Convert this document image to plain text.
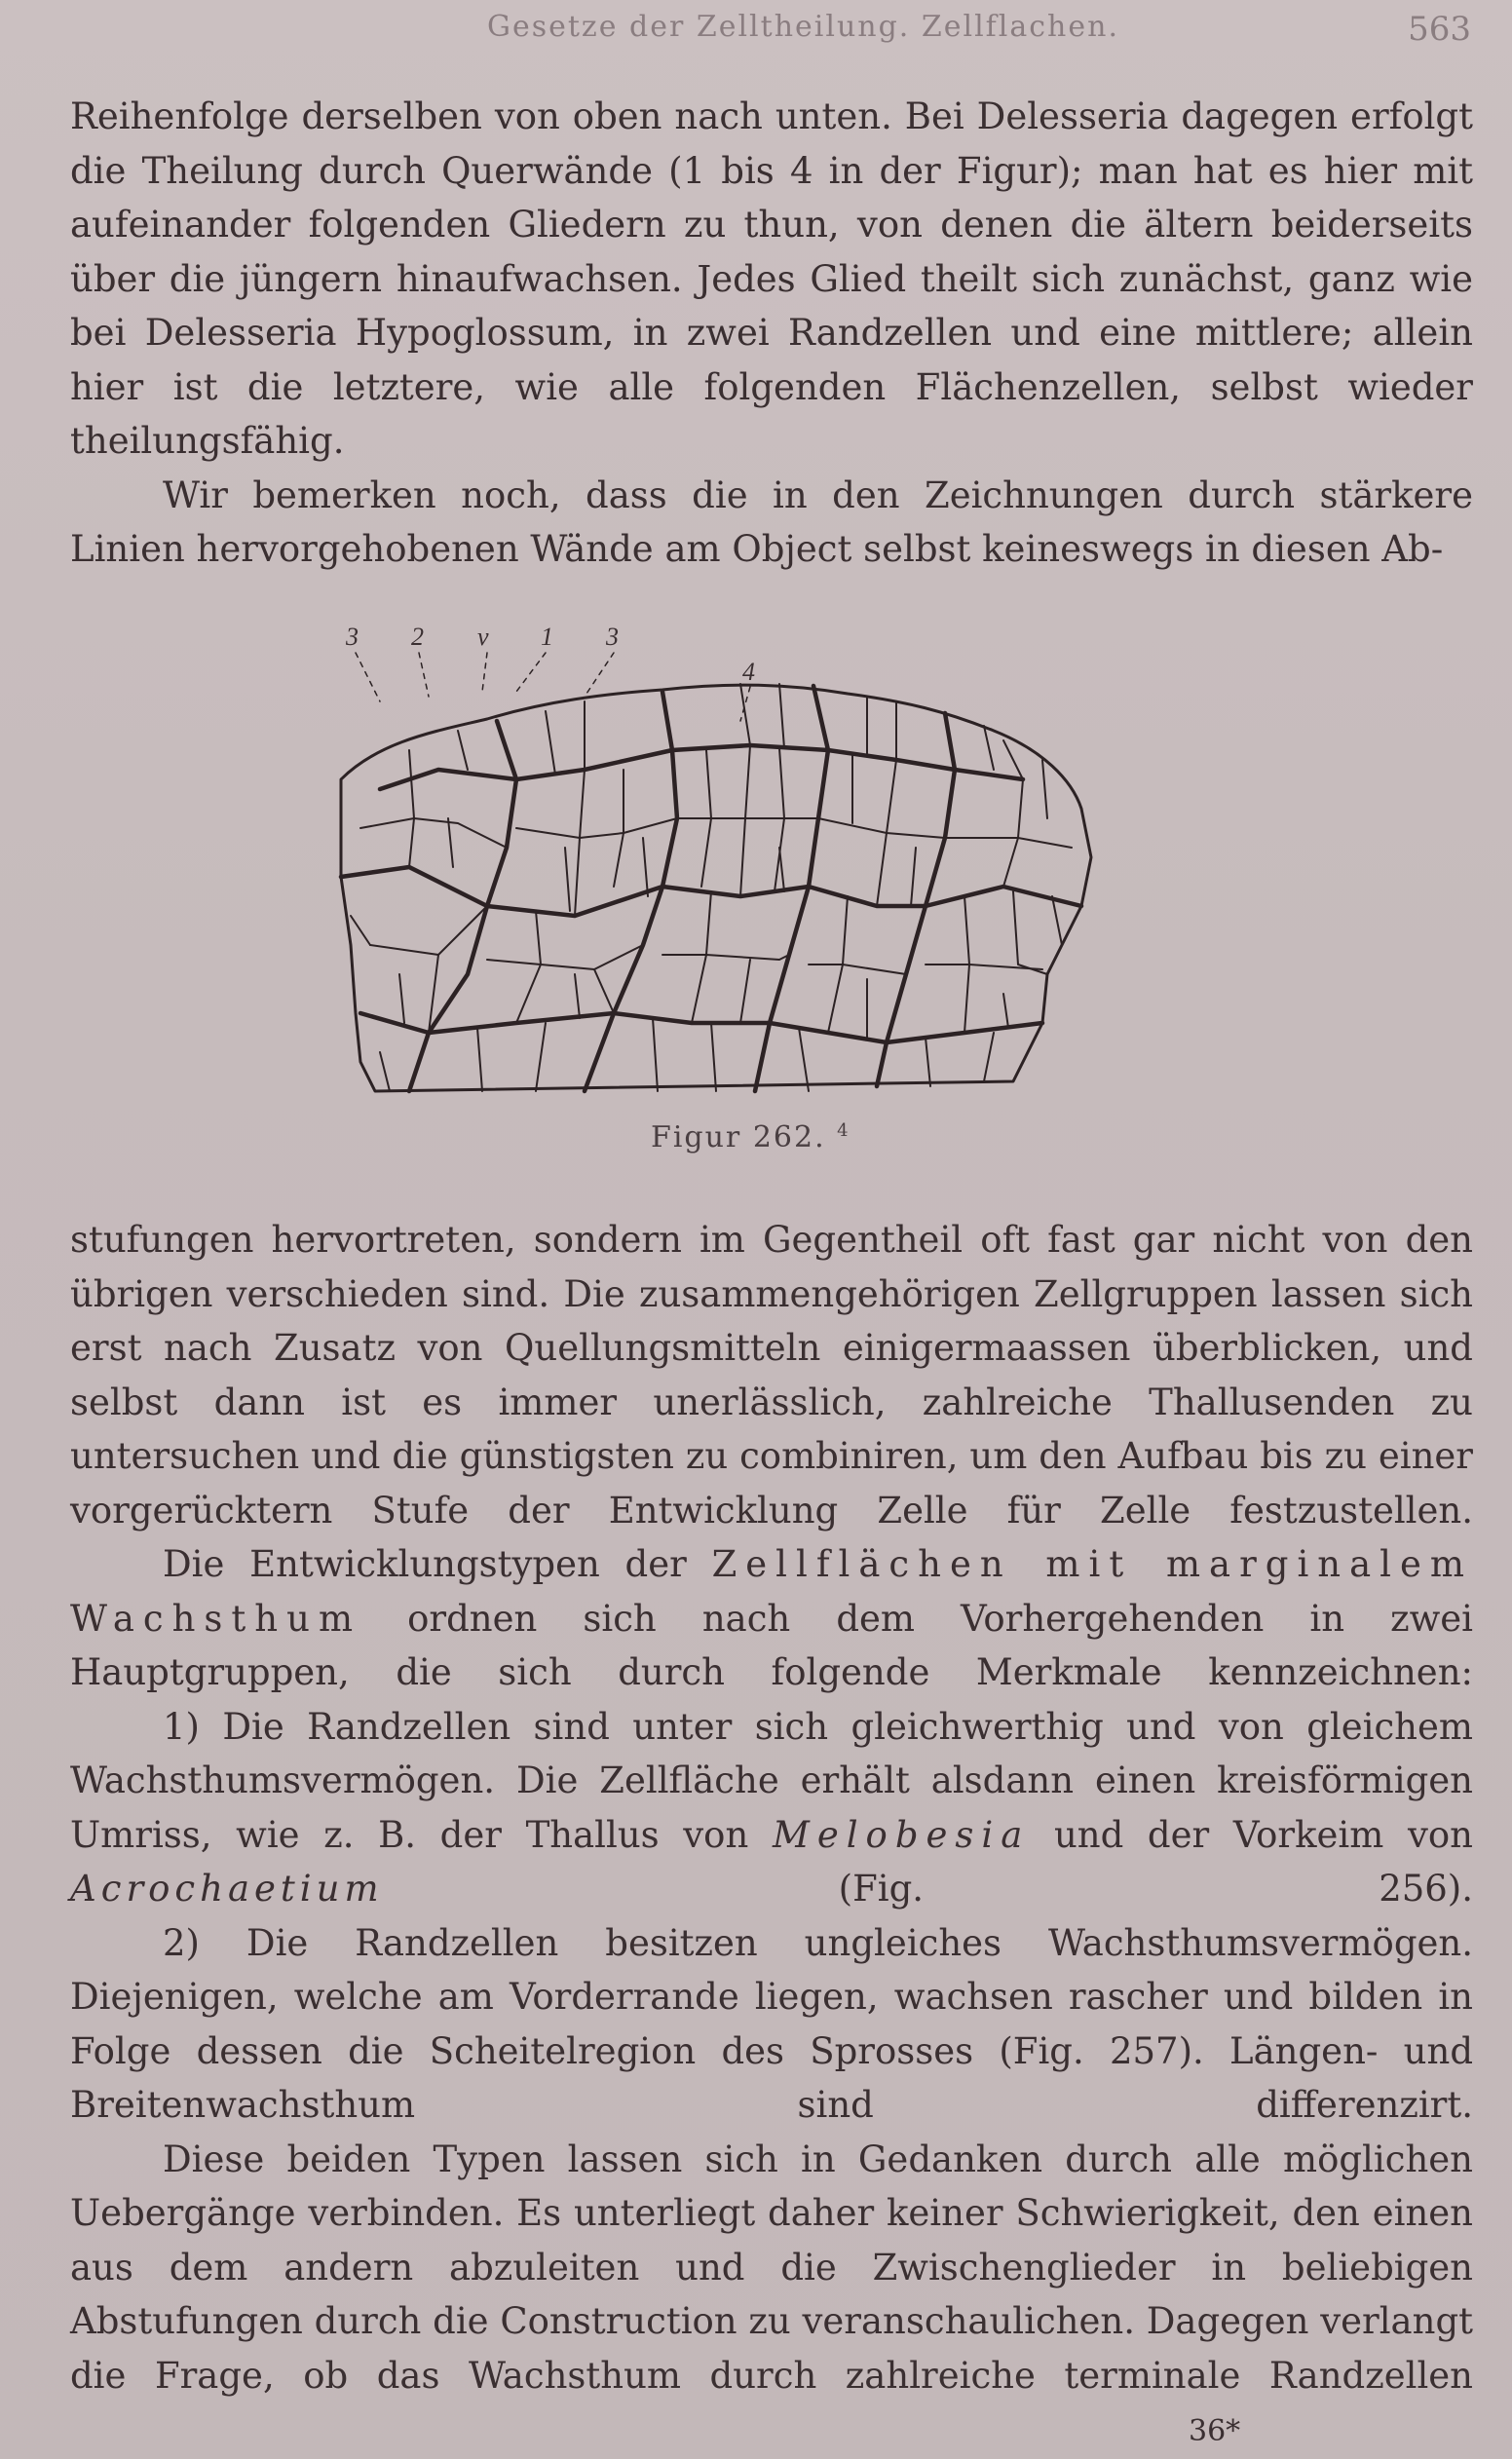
Gesetze der Zelltheilung. Zellflachen.	563

Reihenfolge derselben von oben nach unten. Bei Delesseria dagegen erfolgt die Theilung durch Querwände (1 bis 4 in der Figur); man hat es hier mit aufeinander folgenden Gliedern zu thun, von denen die ältern beiderseits über die jüngern hinaufwachsen. Jedes Glied theilt sich zunächst, ganz wie bei Delesseria Hypoglossum, in zwei Randzellen und eine mittlere; allein hier ist die letztere, wie alle folgenden Flächenzellen, selbst wieder theilungsfähig.

Wir bemerken noch, dass die in den Zeichnungen durch stärkere Linien hervorgehobenen Wände am Object selbst keineswegs in diesen Ab-

3 2 v 1 3
4
Figur 262. $^4$

stufungen hervortreten, sondern im Gegentheil oft fast gar nicht von den übrigen verschieden sind. Die zusammengehörigen Zellgruppen lassen sich erst nach Zusatz von Quellungsmitteln einigermaassen überblicken, und selbst dann ist es immer unerlässlich, zahlreiche Thallusenden zu untersuchen und die günstigsten zu combiniren, um den Aufbau bis zu einer vorgerücktern Stufe der Entwicklung Zelle für Zelle festzustellen.

Die Entwicklungstypen der Zellflächen mit marginalem Wachsthum ordnen sich nach dem Vorhergehenden in zwei Hauptgruppen, die sich durch folgende Merkmale kennzeichnen:

1) Die Randzellen sind unter sich gleichwerthig und von gleichem Wachsthumsvermögen. Die Zellfläche erhält alsdann einen kreisförmigen Umriss, wie z. B. der Thallus von Melobesia und der Vorkeim von Acrochaetium	(Fig. 256).

2) Die Randzellen besitzen ungleiches Wachsthumsvermögen. Diejenigen, welche am Vorderrande liegen, wachsen rascher und bilden in Folge dessen die Scheitelregion des Sprosses (Fig. 257). Längen- und Breitenwachsthum sind differenzirt.

Diese beiden Typen lassen sich in Gedanken durch alle möglichen Uebergänge verbinden. Es unterliegt daher keiner Schwierigkeit, den einen aus dem andern abzuleiten und die Zwischenglieder in beliebigen Abstufungen durch die Construction zu veranschaulichen. Dagegen verlangt die Frage, ob das Wachsthum durch zahlreiche terminale Randzellen

36*
